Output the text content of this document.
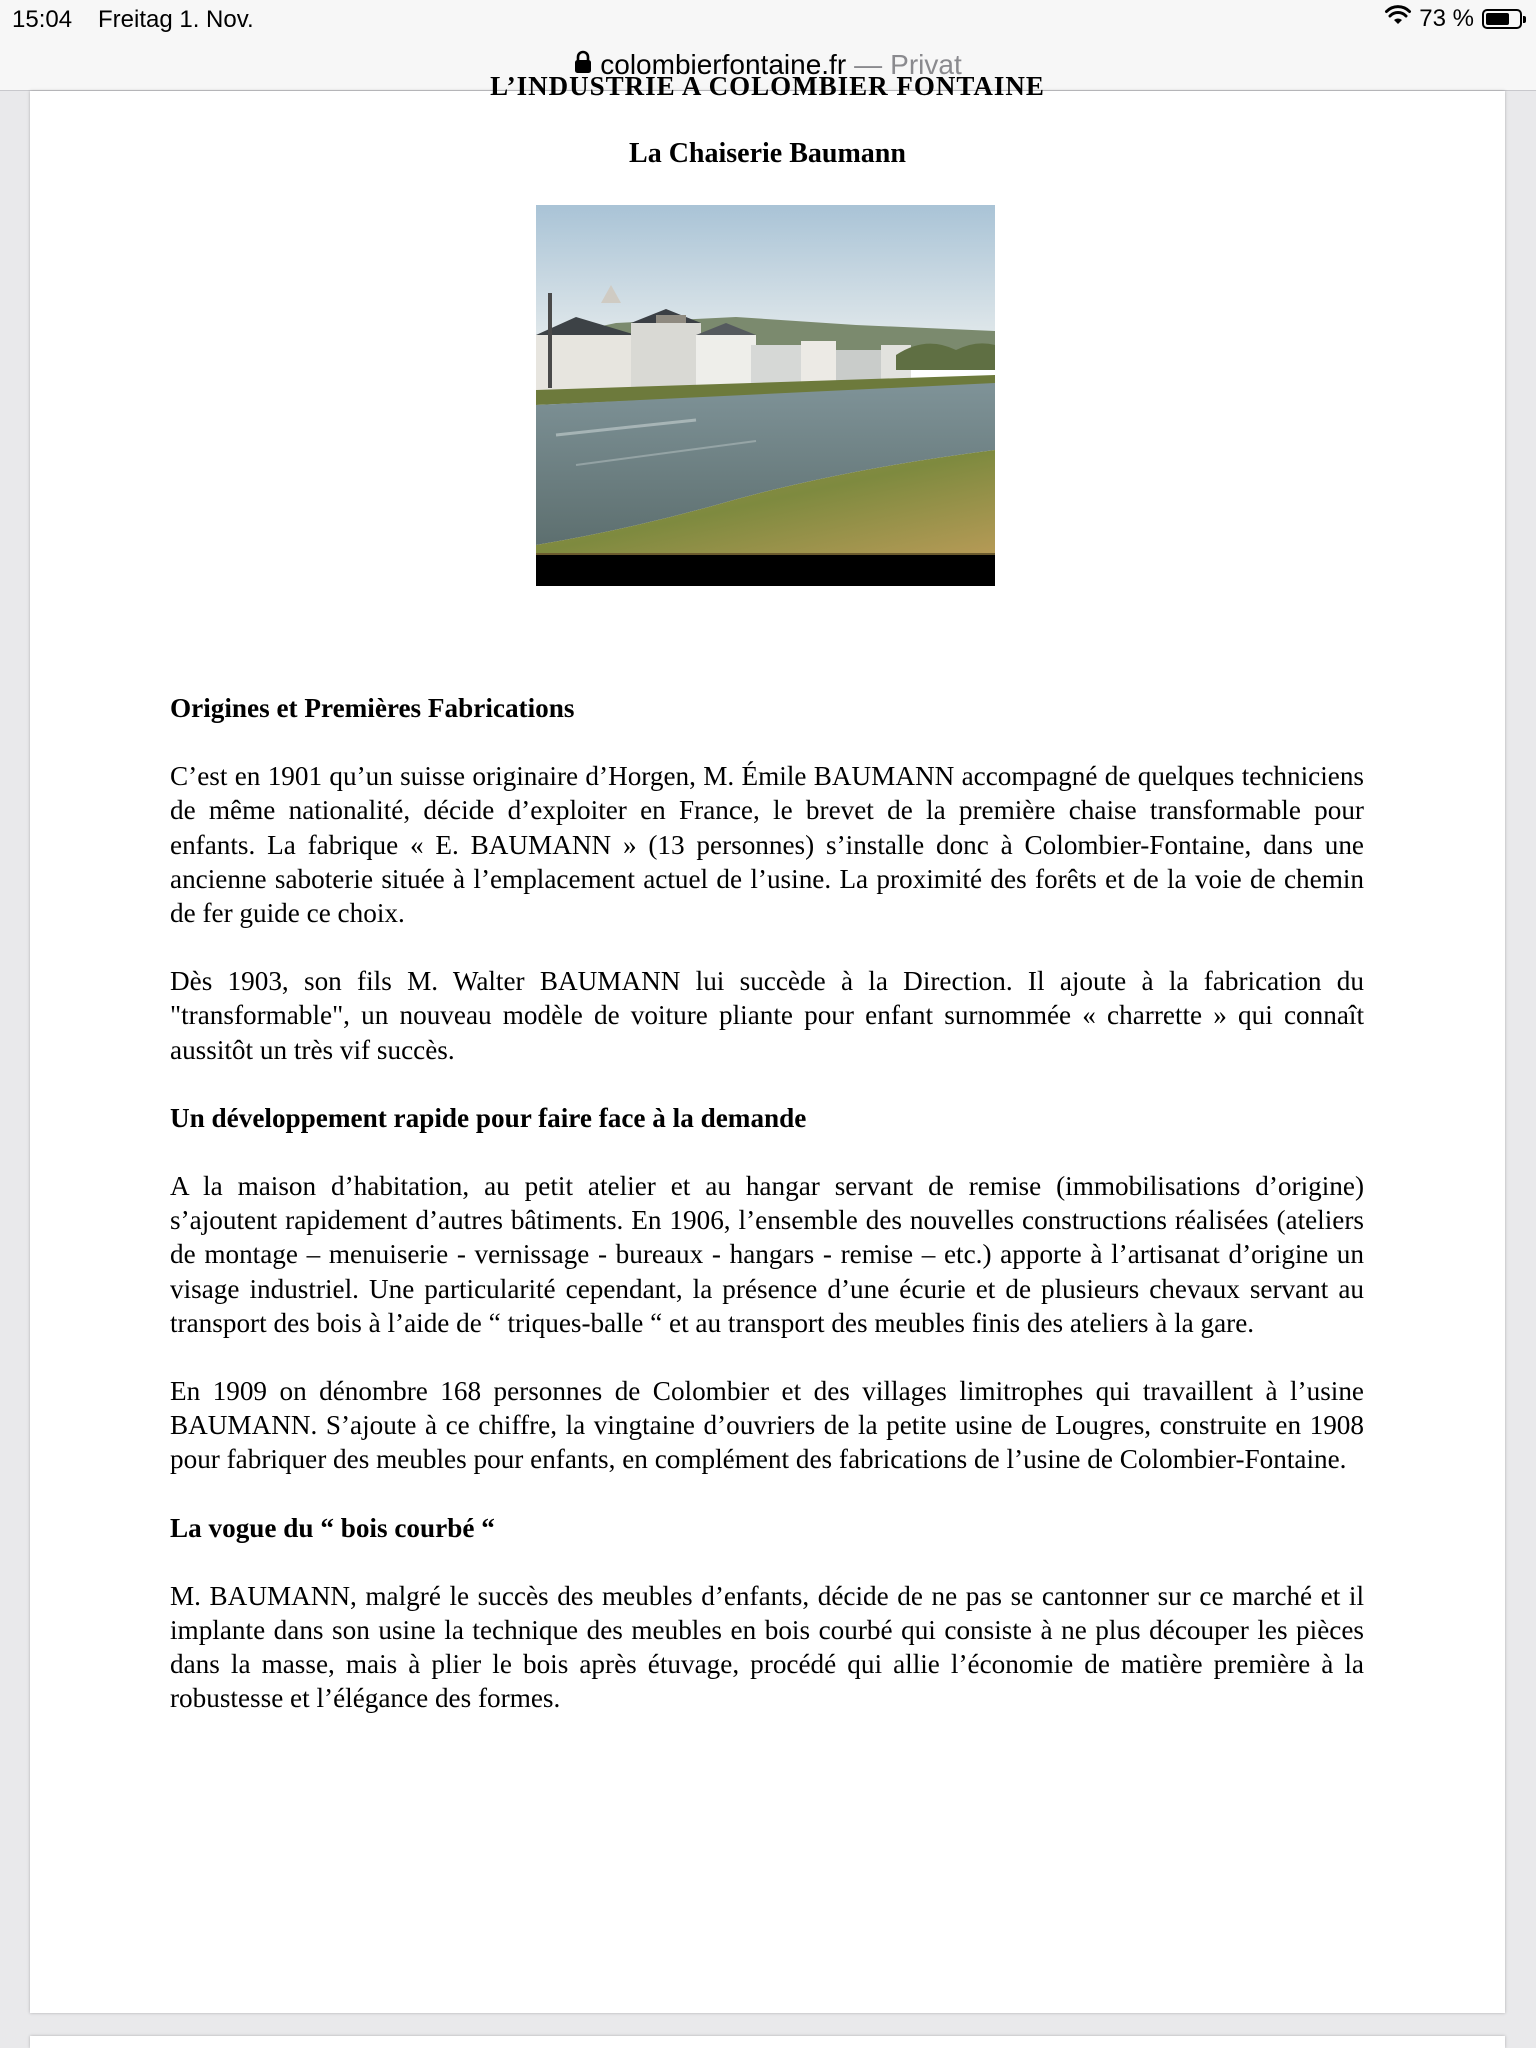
15:04 Freitag 1. Nov.	73 %
colombierfontaine.fr — Privat
L’INDUSTRIE A COLOMBIER FONTAINE
La Chaiserie Baumann
Origines et Premières Fabrications

C’est en 1901 qu’un suisse originaire d’Horgen, M. Émile BAUMANN accompagné de quelques techniciens de même nationalité, décide d’exploiter en France, le brevet de la première chaise transformable pour enfants. La fabrique « E. BAUMANN » (13 personnes) s’installe donc à Colombier-Fontaine, dans une ancienne saboterie située à l’emplacement actuel de l’usine. La proximité des forêts et de la voie de chemin de fer guide ce choix.

Dès 1903, son fils M. Walter BAUMANN lui succède à la Direction. Il ajoute à la fabrication du "transformable", un nouveau modèle de voiture pliante pour enfant surnommée « charrette » qui connaît aussitôt un très vif succès.

Un développement rapide pour faire face à la demande

A la maison d’habitation, au petit atelier et au hangar servant de remise (immobilisations d’origine) s’ajoutent rapidement d’autres bâtiments. En 1906, l’ensemble des nouvelles constructions réalisées (ateliers de montage – menuiserie - vernissage - bureaux - hangars - remise – etc.) apporte à l’artisanat d’origine un visage industriel. Une particularité cependant, la présence d’une écurie et de plusieurs chevaux servant au transport des bois à l’aide de “ triques-balle “ et au transport des meubles finis des ateliers à la gare.

En 1909 on dénombre 168 personnes de Colombier et des villages limitrophes qui travaillent à l’usine BAUMANN. S’ajoute à ce chiffre, la vingtaine d’ouvriers de la petite usine de Lougres, construite en 1908 pour fabriquer des meubles pour enfants, en complément des fabrications de l’usine de Colombier-Fontaine.

La vogue du “ bois courbé “

M. BAUMANN, malgré le succès des meubles d’enfants, décide de ne pas se cantonner sur ce marché et il implante dans son usine la technique des meubles en bois courbé qui consiste à ne plus découper les pièces dans la masse, mais à plier le bois après étuvage, procédé qui allie l’économie de matière première à la robustesse et l’élégance des formes.
